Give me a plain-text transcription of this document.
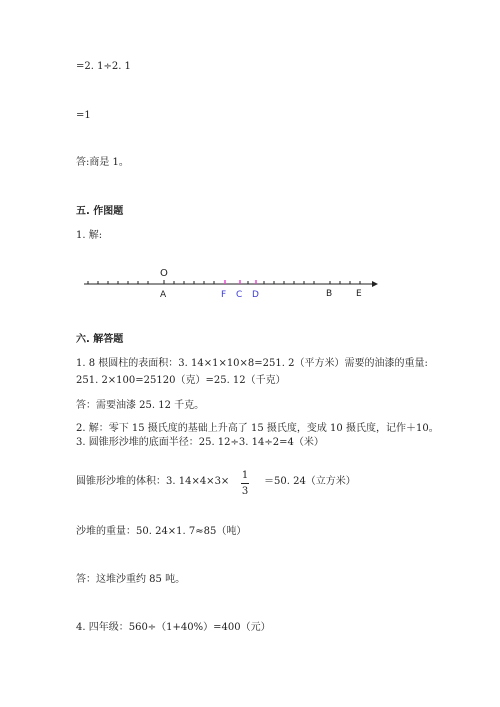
=2. 1÷2. 1
=1
答:商是 1。
五. 作图题
1. 解:
O
A	F C D	B	E
六. 解答题
1. 8 根圆柱的表面积：3. 14×1×10×8=251. 2（平方米）需要的油漆的重量:
251. 2×100=25120（克）=25. 12（千克）
答：需要油漆 25. 12 千克。
2. 解：零下 15 摄氏度的基础上升高了 15 摄氏度，变成 10 摄氏度，记作＋10。
3. 圆锥形沙堆的底面半径：25. 12÷3. 14÷2=4（米）
圆锥形沙堆的体积：3. 14×4×3×
1
3
＝50. 24（立方米）
沙堆的重量：50. 24×1. 7≈85（吨）
答：这堆沙重约 85 吨。
4. 四年级：560÷（1+40%）=400（元）
